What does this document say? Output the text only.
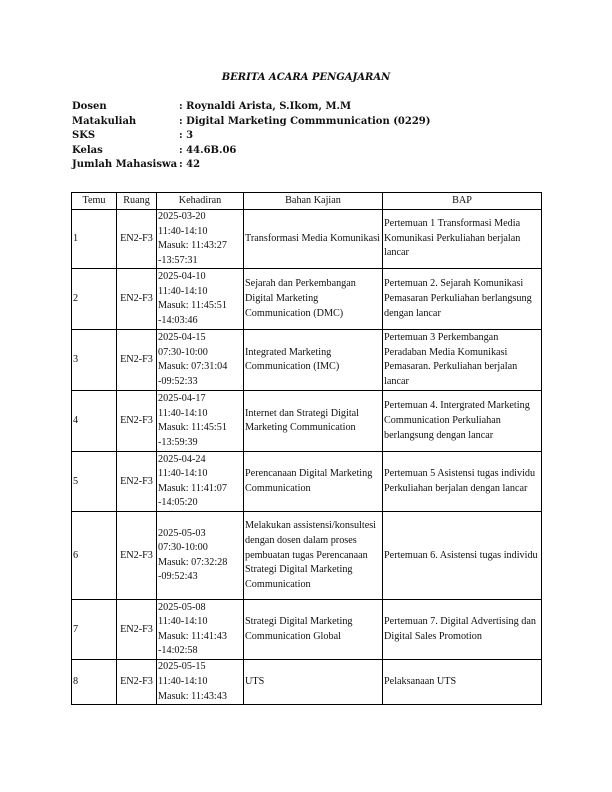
BERITA ACARA PENGAJARAN
Dosen	: Roynaldi Arista, S.Ikom, M.M
Matakuliah	: Digital Marketing Commmunication (0229)
SKS	: 3
Kelas	: 44.6B.06
Jumlah Mahasiswa : 42
Temu	Ruang	Kehadiran	Bahan Kajian	BAP
1	EN2-F3	2025-03-20
11:40-14:10
Masuk: 11:43:27
-13:57:31	Transformasi Media Komunikasi	Pertemuan 1 Transformasi Media Komunikasi Perkuliahan berjalan lancar
2	EN2-F3	2025-04-10
11:40-14:10
Masuk: 11:45:51
-14:03:46	Sejarah dan Perkembangan Digital Marketing Communication (DMC)	Pertemuan 2. Sejarah Komunikasi Pemasaran Perkuliahan berlangsung dengan lancar
3	EN2-F3	2025-04-15
07:30-10:00
Masuk: 07:31:04
-09:52:33	Integrated Marketing Communication (IMC)	Pertemuan 3 Perkembangan Peradaban Media Komunikasi Pemasaran. Perkuliahan berjalan lancar
4	EN2-F3	2025-04-17
11:40-14:10
Masuk: 11:45:51
-13:59:39	Internet dan Strategi Digital Marketing Communication	Pertemuan 4. Intergrated Marketing Communication Perkuliahan berlangsung dengan lancar
5	EN2-F3	2025-04-24
11:40-14:10
Masuk: 11:41:07
-14:05:20	Perencanaan Digital Marketing Communication	Pertemuan 5 Asistensi tugas individu Perkuliahan berjalan dengan lancar
6	EN2-F3	2025-05-03
07:30-10:00
Masuk: 07:32:28
-09:52:43	Melakukan assistensi/konsultesi dengan dosen dalam proses pembuatan tugas Perencanaan Strategi Digital Marketing Communication	Pertemuan 6. Asistensi tugas individu
7	EN2-F3	2025-05-08
11:40-14:10
Masuk: 11:41:43
-14:02:58	Strategi Digital Marketing Communication Global	Pertemuan 7. Digital Advertising dan Digital Sales Promotion
8	EN2-F3	2025-05-15
11:40-14:10
Masuk: 11:43:43	UTS	Pelaksanaan UTS
